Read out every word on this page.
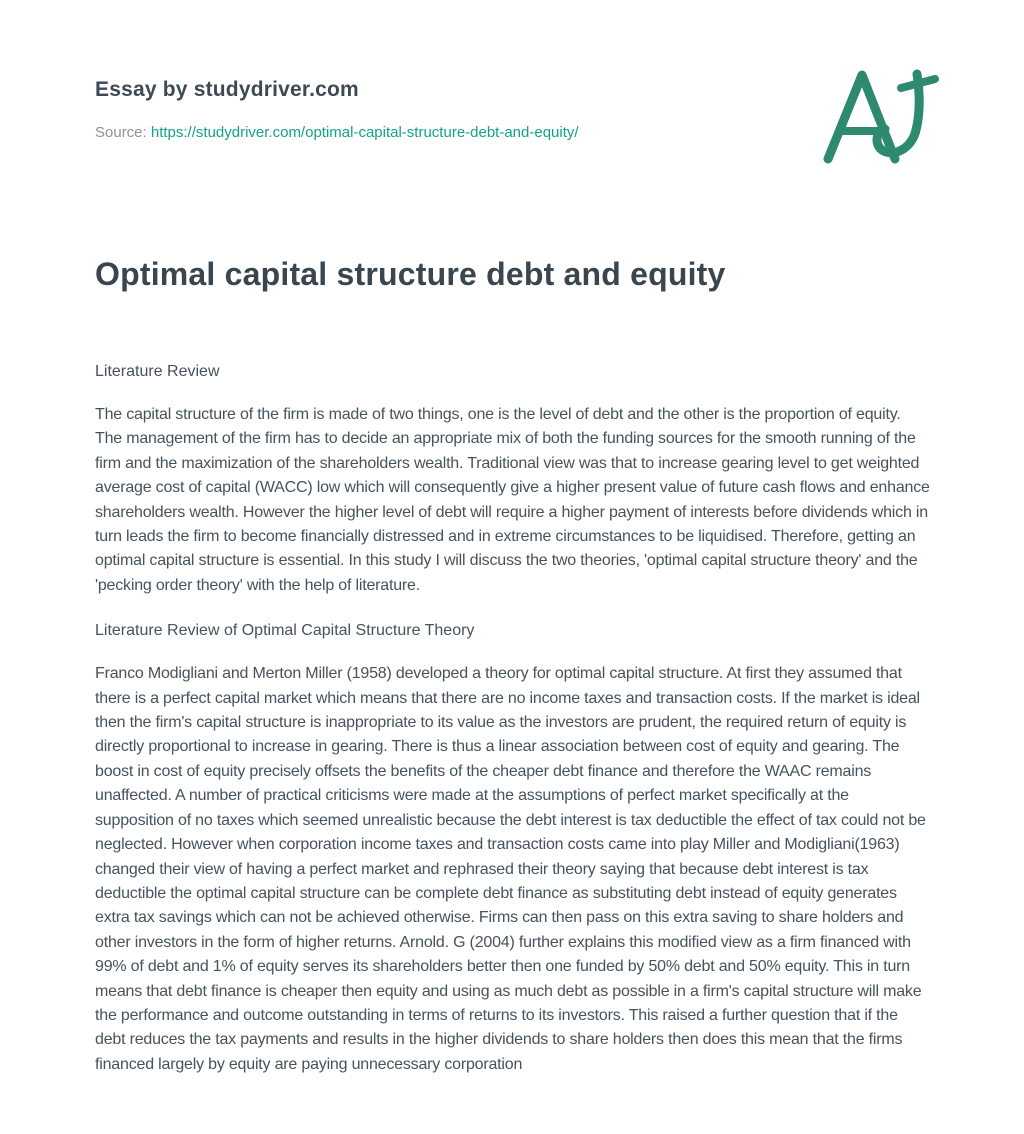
Essay by studydriver.com
Source: https://studydriver.com/optimal-capital-structure-debt-and-equity/
Optimal capital structure debt and equity
Literature Review

The capital structure of the firm is made of two things, one is the level of debt and the other is the proportion of equity. The management of the firm has to decide an appropriate mix of both the funding sources for the smooth running of the firm and the maximization of the shareholders wealth. Traditional view was that to increase gearing level to get weighted average cost of capital (WACC) low which will consequently give a higher present value of future cash flows and enhance shareholders wealth. However the higher level of debt will require a higher payment of interests before dividends which in turn leads the firm to become financially distressed and in extreme circumstances to be liquidised. Therefore, getting an optimal capital structure is essential. In this study I will discuss the two theories, 'optimal capital structure theory' and the 'pecking order theory' with the help of literature.

Literature Review of Optimal Capital Structure Theory

Franco Modigliani and Merton Miller (1958) developed a theory for optimal capital structure. At first they assumed that there is a perfect capital market which means that there are no income taxes and transaction costs. If the market is ideal then the firm's capital structure is inappropriate to its value as the investors are prudent, the required return of equity is directly proportional to increase in gearing. There is thus a linear association between cost of equity and gearing. The boost in cost of equity precisely offsets the benefits of the cheaper debt finance and therefore the WAAC remains unaffected. A number of practical criticisms were made at the assumptions of perfect market specifically at the supposition of no taxes which seemed unrealistic because the debt interest is tax deductible the effect of tax could not be neglected. However when corporation income taxes and transaction costs came into play Miller and Modigliani(1963) changed their view of having a perfect market and rephrased their theory saying that because debt interest is tax deductible the optimal capital structure can be complete debt finance as substituting debt instead of equity generates extra tax savings which can not be achieved otherwise. Firms can then pass on this extra saving to share holders and other investors in the form of higher returns. Arnold. G (2004) further explains this modified view as a firm financed with 99% of debt and 1% of equity serves its shareholders better then one funded by 50% debt and 50% equity. This in turn means that debt finance is cheaper then equity and using as much debt as possible in a firm's capital structure will make the performance and outcome outstanding in terms of returns to its investors. This raised a further question that if the debt reduces the tax payments and results in the higher dividends to share holders then does this mean that the firms financed largely by equity are paying unnecessary corporation
